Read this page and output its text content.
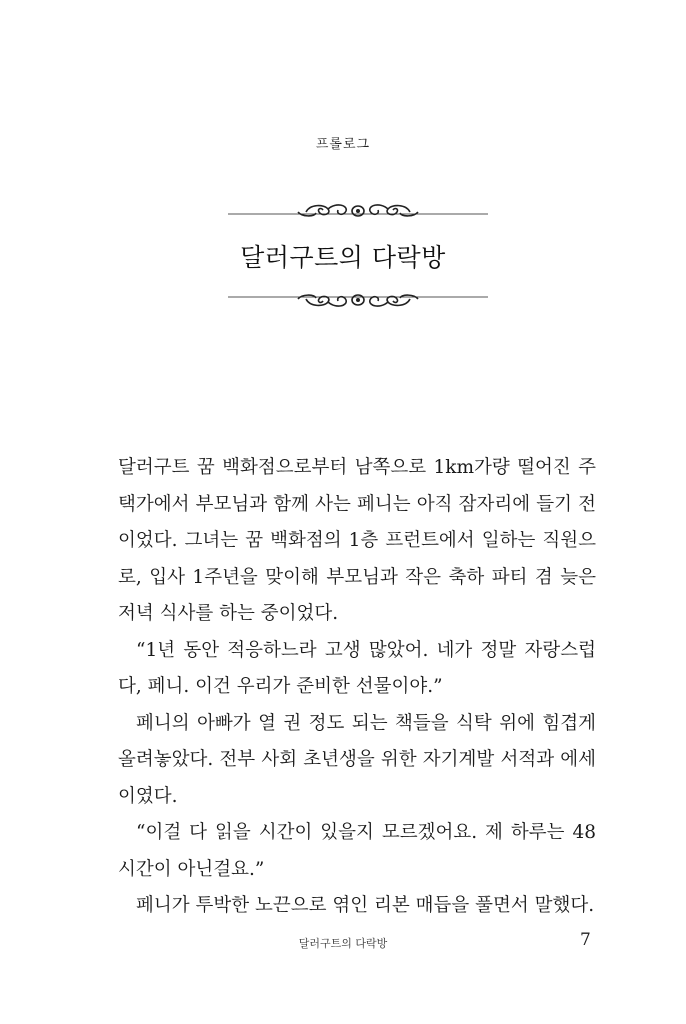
프롤로그
달러구트의 다락방

달러구트 꿈 백화점으로부터 남쪽으로 1km가량 떨어진 주택가에서 부모님과 함께 사는 페니는 아직 잠자리에 들기 전이었다. 그녀는 꿈 백화점의 1층 프런트에서 일하는 직원으로, 입사 1주년을 맞이해 부모님과 작은 축하 파티 겸 늦은 저녁 식사를 하는 중이었다.

“1년 동안 적응하느라 고생 많았어. 네가 정말 자랑스럽다, 페니. 이건 우리가 준비한 선물이야.”

페니의 아빠가 열 권 정도 되는 책들을 식탁 위에 힘겹게 올려놓았다. 전부 사회 초년생을 위한 자기계발 서적과 에세이였다.

“이걸 다 읽을 시간이 있을지 모르겠어요. 제 하루는 48시간이 아닌걸요.”

페니가 투박한 노끈으로 엮인 리본 매듭을 풀면서 말했다.

달러구트의 다락방	7
